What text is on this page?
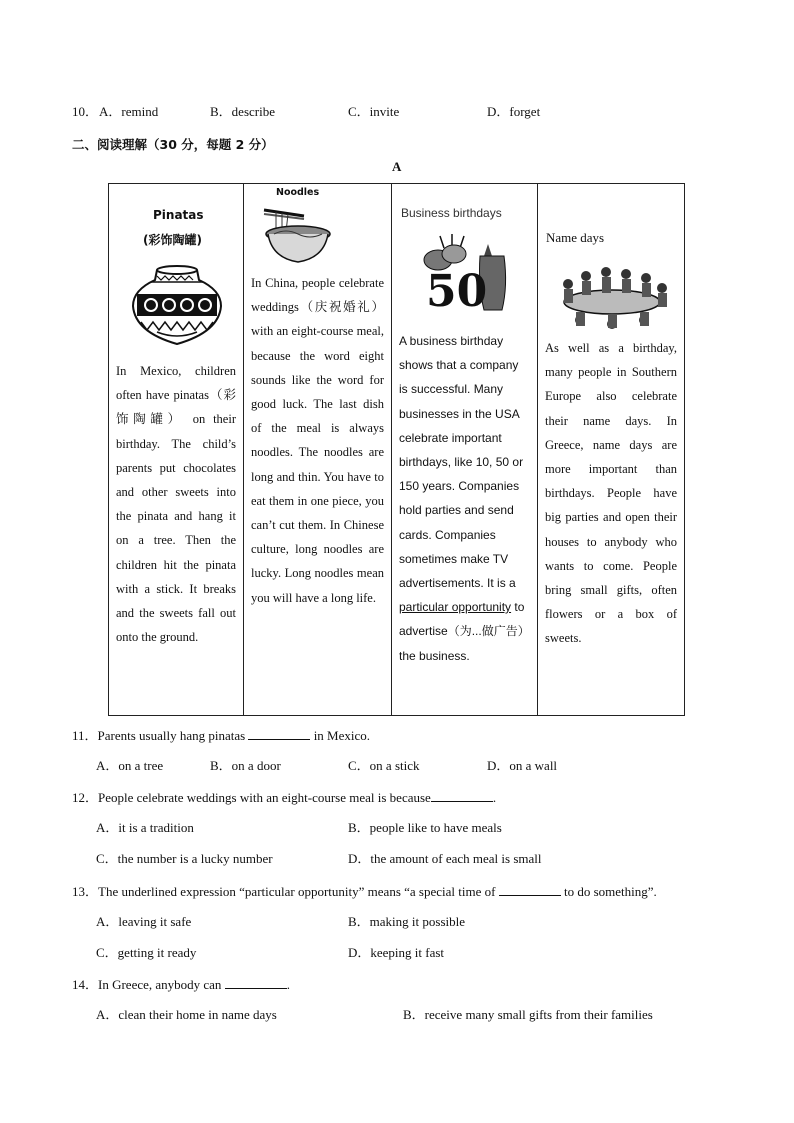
10． A．remind	B．describe	C．invite	D．forget
二、阅读理解（30 分，每题 2 分）
A
Pinatas
(彩饰陶罐)
In Mexico, children often have pinatas（彩饰陶罐） on their birthday. The child’s parents put chocolates and other sweets into the pinata and hang it on a tree. Then the children hit the pinata with a stick. It breaks and the sweets fall out onto the ground.
Noodles
In China, people celebrate weddings（庆祝婚礼） with an eight-course meal, because the word eight sounds like the word for good luck. The last dish of the meal is always noodles. The noodles are long and thin. You have to eat them in one piece, you can’t cut them. In Chinese culture, long noodles are lucky. Long noodles mean you will have a long life.
Business birthdays
50
A business birthday shows that a company is successful. Many businesses in the USA celebrate important birthdays, like 10, 50 or 150 years. Companies hold parties and send cards. Companies sometimes make TV advertisements. It is a particular opportunity to advertise（为...做广告） the business.
Name days
As well as a birthday, many people in Southern Europe also celebrate their name days. In Greece, name days are more important than birthdays. People have big parties and open their houses to anybody who wants to come. People bring small gifts, often flowers or a box of sweets.
11．Parents usually hang pinatas	in Mexico.
A．on a tree	B．on a door	C．on a stick	D．on a wall
12．People celebrate weddings with an eight-course meal is because	.
A．it is a tradition	B．people like to have meals
C．the number is a lucky number	D．the amount of each meal is small
13．The underlined expression “particular opportunity” means “a special time of	to do something”.
A．leaving it safe	B．making it possible
C．getting it ready	D．keeping it fast
14．In Greece, anybody can	.
A．clean their home in name days	B．receive many small gifts from their families
